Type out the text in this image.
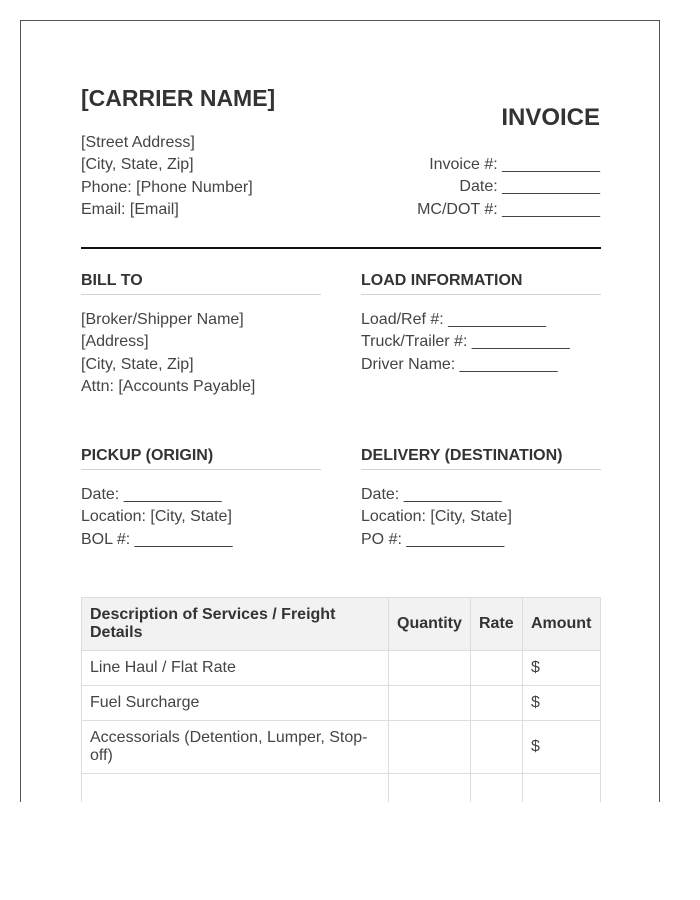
[CARRIER NAME]
[Street Address]
[City, State, Zip]
Phone: [Phone Number]
Email: [Email]
INVOICE
Invoice #: ___________
Date: ___________
MC/DOT #: ___________
BILL TO
[Broker/Shipper Name]
[Address]
[City, State, Zip]
Attn: [Accounts Payable]
LOAD INFORMATION
Load/Ref #: ___________
Truck/Trailer #: ___________
Driver Name: ___________
PICKUP (ORIGIN)
Date: ___________
Location: [City, State]
BOL #: ___________
DELIVERY (DESTINATION)
Date: ___________
Location: [City, State]
PO #: ___________
Description of Services / Freight Details	Quantity	Rate	Amount
Line Haul / Flat Rate			$
Fuel Surcharge			$
Accessorials (Detention, Lumper, Stop-off)			$
